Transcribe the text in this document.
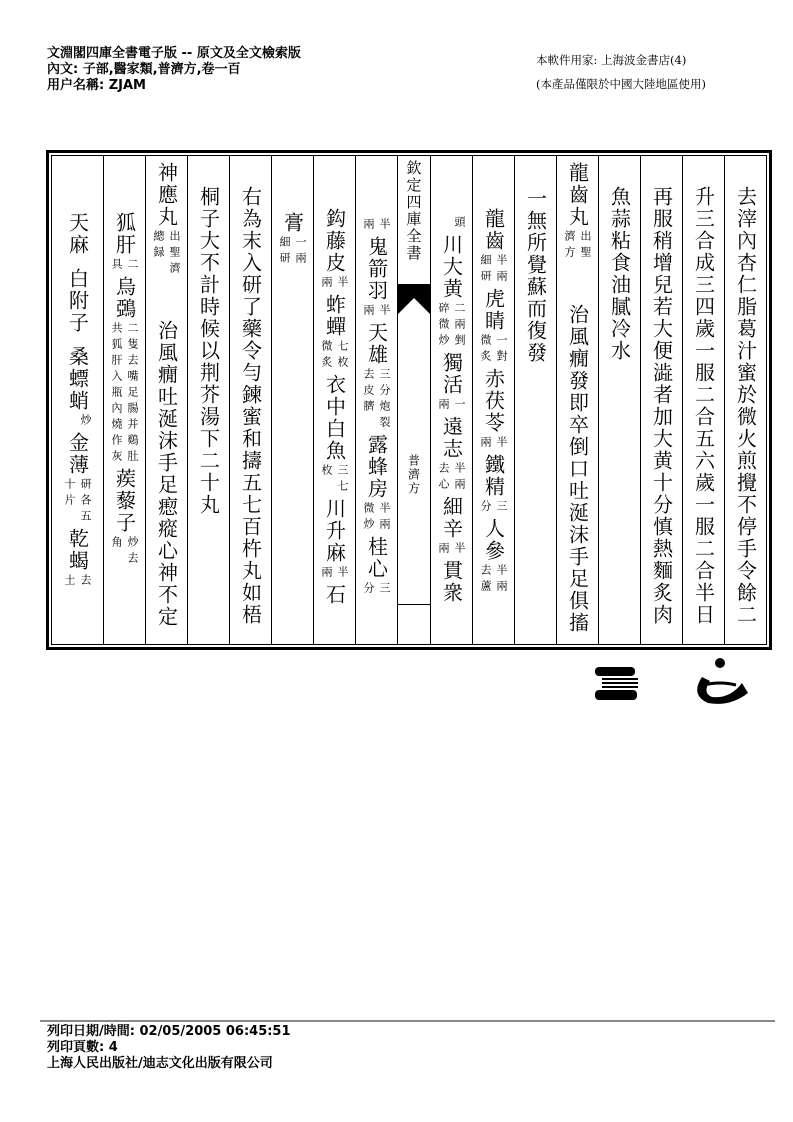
文淵閣四庫全書電子版 -- 原文及全文檢索版
內文: 子部,醫家類,普濟方,卷一百
用户名稱: ZJAM
本軟件用家: 上海波金書店(4)
(本產品僅限於中國大陸地區使用)
去滓內杏仁脂葛汁蜜於微火煎攪不停手令餘二
升三合成三四歲一服二合五六歲一服二合半日
再服稍增兒若大便澁者加大黄十分慎熱麵炙肉
魚蒜粘食油膩冷水
龍齒丸
出聖
濟方
治風癇發即卒倒口吐涎沫手足俱搐
一無所覺蘇而復發
龍齒
半兩
細研
虎睛
一對
微炙
赤茯苓
半
兩
鐵精
三
分
人參
半兩
去蘆
頭
川大黄
二兩剉
碎微炒
獨活
一
兩
遠志
半兩
去心
細辛
半
兩
貫衆
欽定四庫全書
普濟方
半
兩
鬼箭羽
半
兩
天雄
三分炮裂
去皮臍
露蜂房
半兩
微炒
桂心
三
分
鈎藤皮
半
兩
蚱蟬
七枚
微炙
衣中白魚
三七
枚
川升麻
半
兩
石
膏
一兩
細研
右為末入研了藥令勻鍊蜜和擣五七百杵丸如梧
桐子大不計時候以荆芥湯下二十丸
神應丸
出聖濟
總録
治風癇吐涎沫手足瘛瘲心神不定
狐肝
二
具
烏鵶
二隻去嘴足腸并鷄肚
共狐肝入瓶內燒作灰
蒺藜子
炒去
角
天麻
白附子
桑螵蛸
炒
金薄
研各五
十片
乾蝎
去
土
列印日期/時間: 02/05/2005 06:45:51
列印頁數: 4
上海人民出版社/迪志文化出版有限公司
